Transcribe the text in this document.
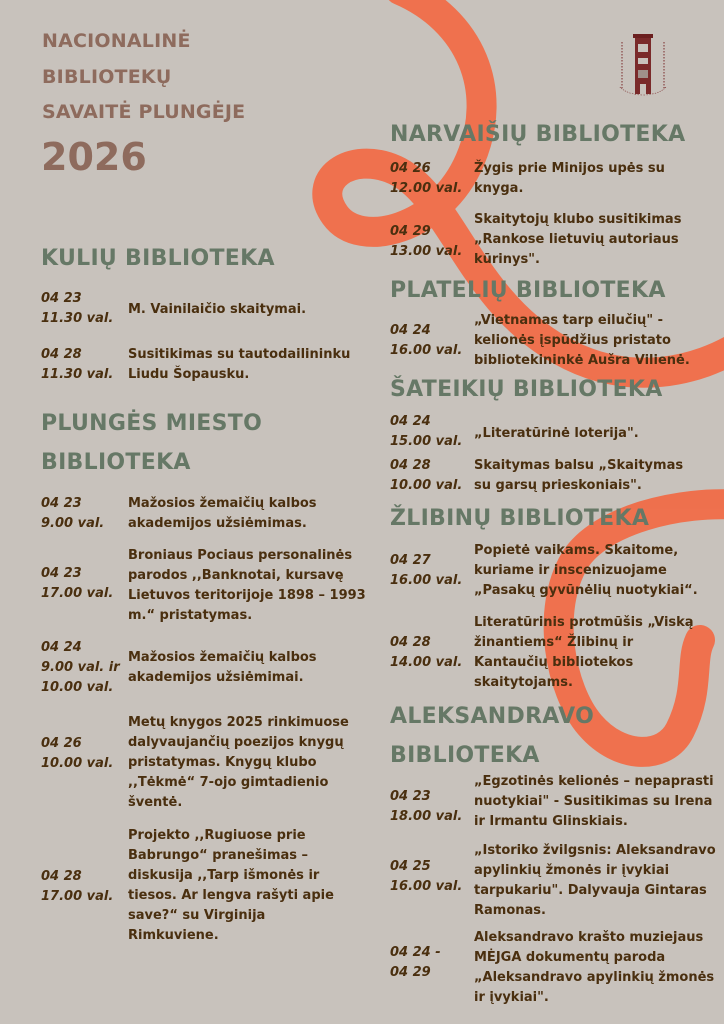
NACIONALINĖ
BIBLIOTEKŲ
SAVAITĖ PLUNGĖJE
2026
KULIŲ BIBLIOTEKA
04 23
11.30 val.
M. Vainilaičio skaitymai.
04 28
11.30 val.
Susitikimas su tautodailininku
Liudu Šopausku.
PLUNGĖS MIESTO
BIBLIOTEKA
04 23
9.00 val.
Mažosios žemaičių kalbos
akademijos užsiėmimas.
04 23
17.00 val.
Broniaus Pociaus personalinės
parodos ,,Banknotai, kursavę
Lietuvos teritorijoje 1898 – 1993
m.“ pristatymas.
04 24
9.00 val. ir
10.00 val.
Mažosios žemaičių kalbos
akademijos užsiėmimai.
04 26
10.00 val.
Metų knygos 2025 rinkimuose
dalyvaujančių poezijos knygų
pristatymas. Knygų klubo
,,Tėkmė“ 7-ojo gimtadienio
šventė.
04 28
17.00 val.
Projekto ,,Rugiuose prie
Babrungo“ pranešimas –
diskusija ,,Tarp išmonės ir
tiesos. Ar lengva rašyti apie
save?“ su Virginija
Rimkuviene.
NARVAIŠIŲ BIBLIOTEKA
04 26
12.00 val.
Žygis prie Minijos upės su
knyga.
04 29
13.00 val.
Skaitytojų klubo susitikimas
„Rankose lietuvių autoriaus
kūrinys".
PLATELIŲ BIBLIOTEKA
04 24
16.00 val.
„Vietnamas tarp eilučių" -
kelionės įspūdžius pristato
bibliotekininkė Aušra Vilienė.
ŠATEIKIŲ BIBLIOTEKA
04 24
15.00 val.
„Literatūrinė loterija".
04 28
10.00 val.
Skaitymas balsu „Skaitymas
su garsų prieskoniais".
ŽLIBINŲ BIBLIOTEKA
04 27
16.00 val.
Popietė vaikams. Skaitome,
kuriame ir inscenizuojame
„Pasakų gyvūnėlių nuotykiai“.
04 28
14.00 val.
Literatūrinis protmūšis „Viską
žinantiems“ Žlibinų ir
Kantaučių bibliotekos
skaitytojams.
ALEKSANDRAVO
BIBLIOTEKA
04 23
18.00 val.
„Egzotinės kelionės – nepaprasti
nuotykiai" - Susitikimas su Irena
ir Irmantu Glinskiais.
04 25
16.00 val.
„Istoriko žvilgsnis: Aleksandravo
apylinkių žmonės ir įvykiai
tarpukariu". Dalyvauja Gintaras
Ramonas.
04 24 -
04 29
Aleksandravo krašto muziejaus
MĖJGA dokumentų paroda
„Aleksandravo apylinkių žmonės
ir įvykiai".
